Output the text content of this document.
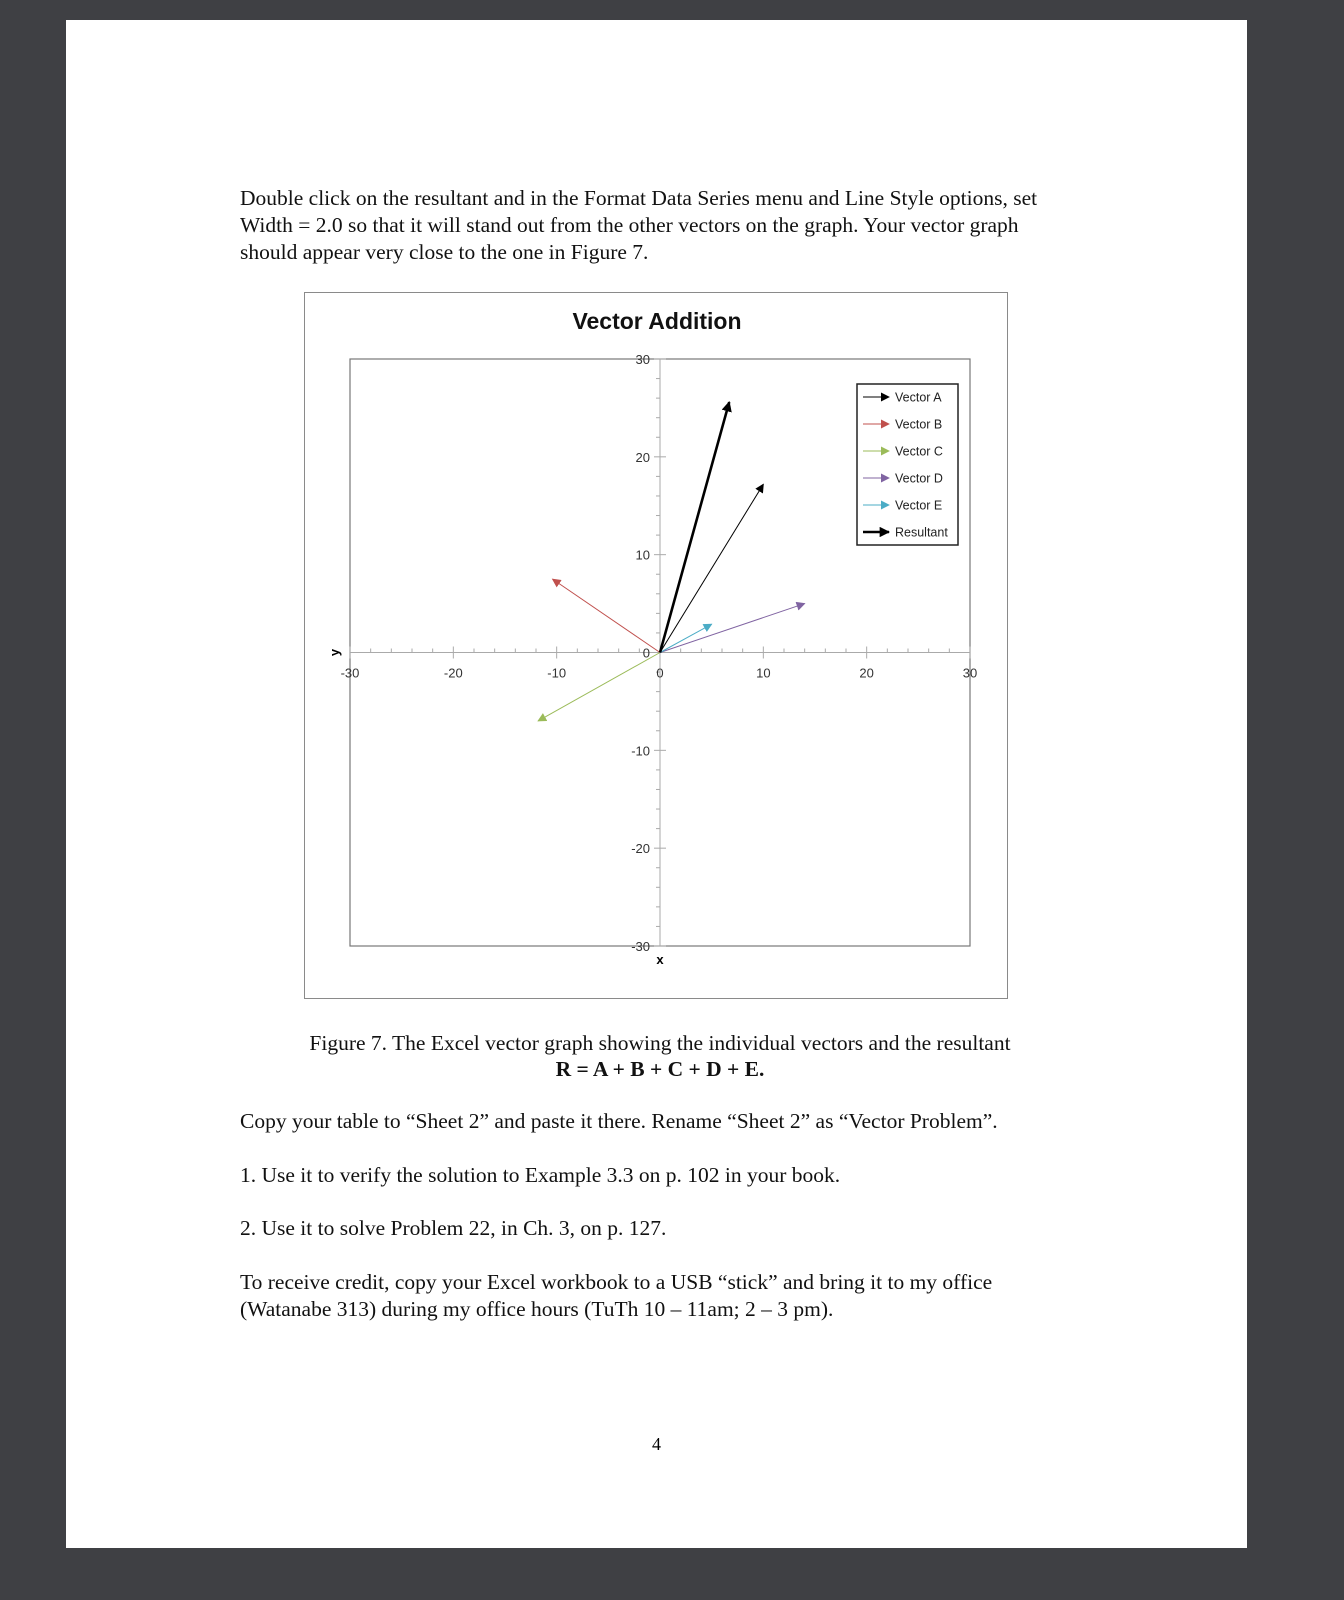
Double click on the resultant and in the Format Data Series menu and Line Style options, set Width = 2.0 so that it will stand out from the other vectors on the graph. Your vector graph should appear very close to the one in Figure 7.

Vector Addition
-30	-20	-10	0	10	20	30
-30
-20
-10
0
10
20
30
x
y
Vector A
Vector B
Vector C
Vector D
Vector E
Resultant
Figure 7. The Excel vector graph showing the individual vectors and the resultant
R = A + B + C + D + E.

Copy your table to “Sheet 2” and paste it there. Rename “Sheet 2” as “Vector Problem”.

1. Use it to verify the solution to Example 3.3 on p. 102 in your book.

2. Use it to solve Problem 22, in Ch. 3, on p. 127.

To receive credit, copy your Excel workbook to a USB “stick” and bring it to my office (Watanabe 313) during my office hours (TuTh 10 – 11am; 2 – 3 pm).

4
